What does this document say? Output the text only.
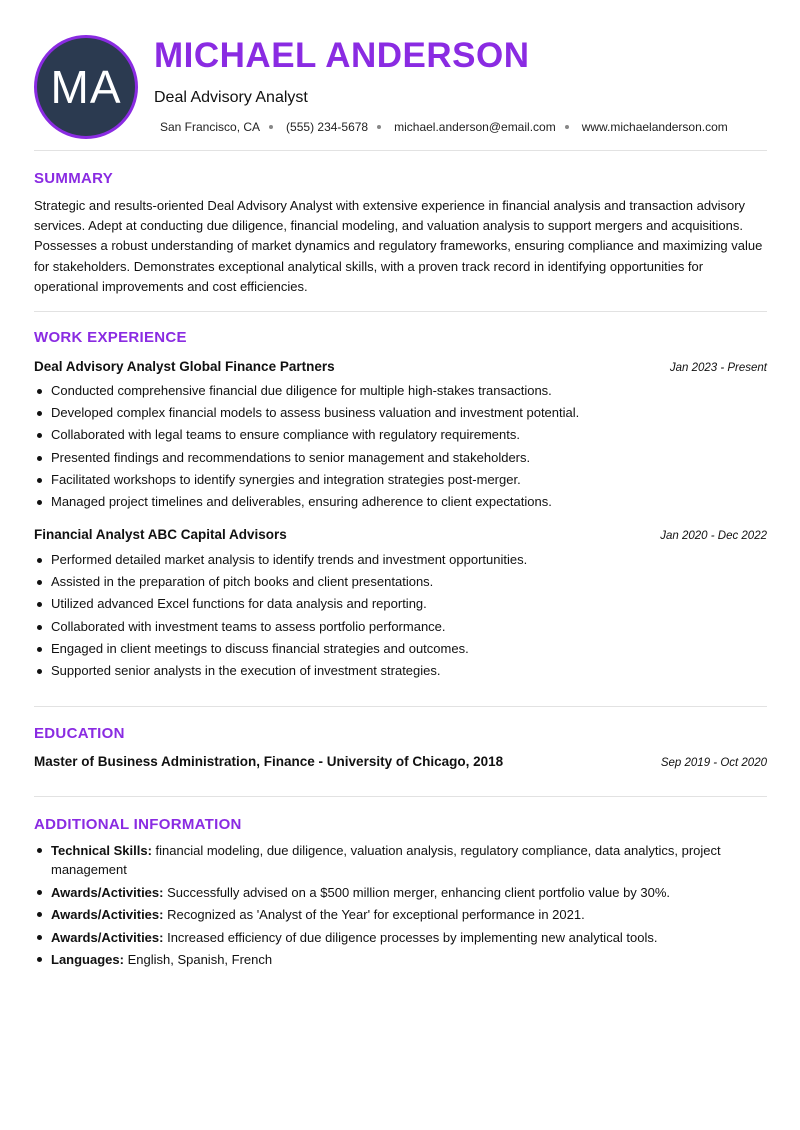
MA
MICHAEL ANDERSON
Deal Advisory Analyst
San Francisco, CA (555) 234-5678 michael.anderson@email.com www.michaelanderson.com
SUMMARY
Strategic and results-oriented Deal Advisory Analyst with extensive experience in financial analysis and transaction advisory services. Adept at conducting due diligence, financial modeling, and valuation analysis to support mergers and acquisitions. Possesses a robust understanding of market dynamics and regulatory frameworks, ensuring compliance and maximizing value for stakeholders. Demonstrates exceptional analytical skills, with a proven track record in identifying opportunities for operational improvements and cost efficiencies.
WORK EXPERIENCE
Deal Advisory Analyst Global Finance Partners	Jan 2023 - Present
Conducted comprehensive financial due diligence for multiple high-stakes transactions.
Developed complex financial models to assess business valuation and investment potential.
Collaborated with legal teams to ensure compliance with regulatory requirements.
Presented findings and recommendations to senior management and stakeholders.
Facilitated workshops to identify synergies and integration strategies post-merger.
Managed project timelines and deliverables, ensuring adherence to client expectations.
Financial Analyst ABC Capital Advisors	Jan 2020 - Dec 2022
Performed detailed market analysis to identify trends and investment opportunities.
Assisted in the preparation of pitch books and client presentations.
Utilized advanced Excel functions for data analysis and reporting.
Collaborated with investment teams to assess portfolio performance.
Engaged in client meetings to discuss financial strategies and outcomes.
Supported senior analysts in the execution of investment strategies.
EDUCATION
Master of Business Administration, Finance - University of Chicago, 2018	Sep 2019 - Oct 2020
ADDITIONAL INFORMATION
Technical Skills: financial modeling, due diligence, valuation analysis, regulatory compliance, data analytics, project management
Awards/Activities: Successfully advised on a $500 million merger, enhancing client portfolio value by 30%.
Awards/Activities: Recognized as 'Analyst of the Year' for exceptional performance in 2021.
Awards/Activities: Increased efficiency of due diligence processes by implementing new analytical tools.
Languages: English, Spanish, French
